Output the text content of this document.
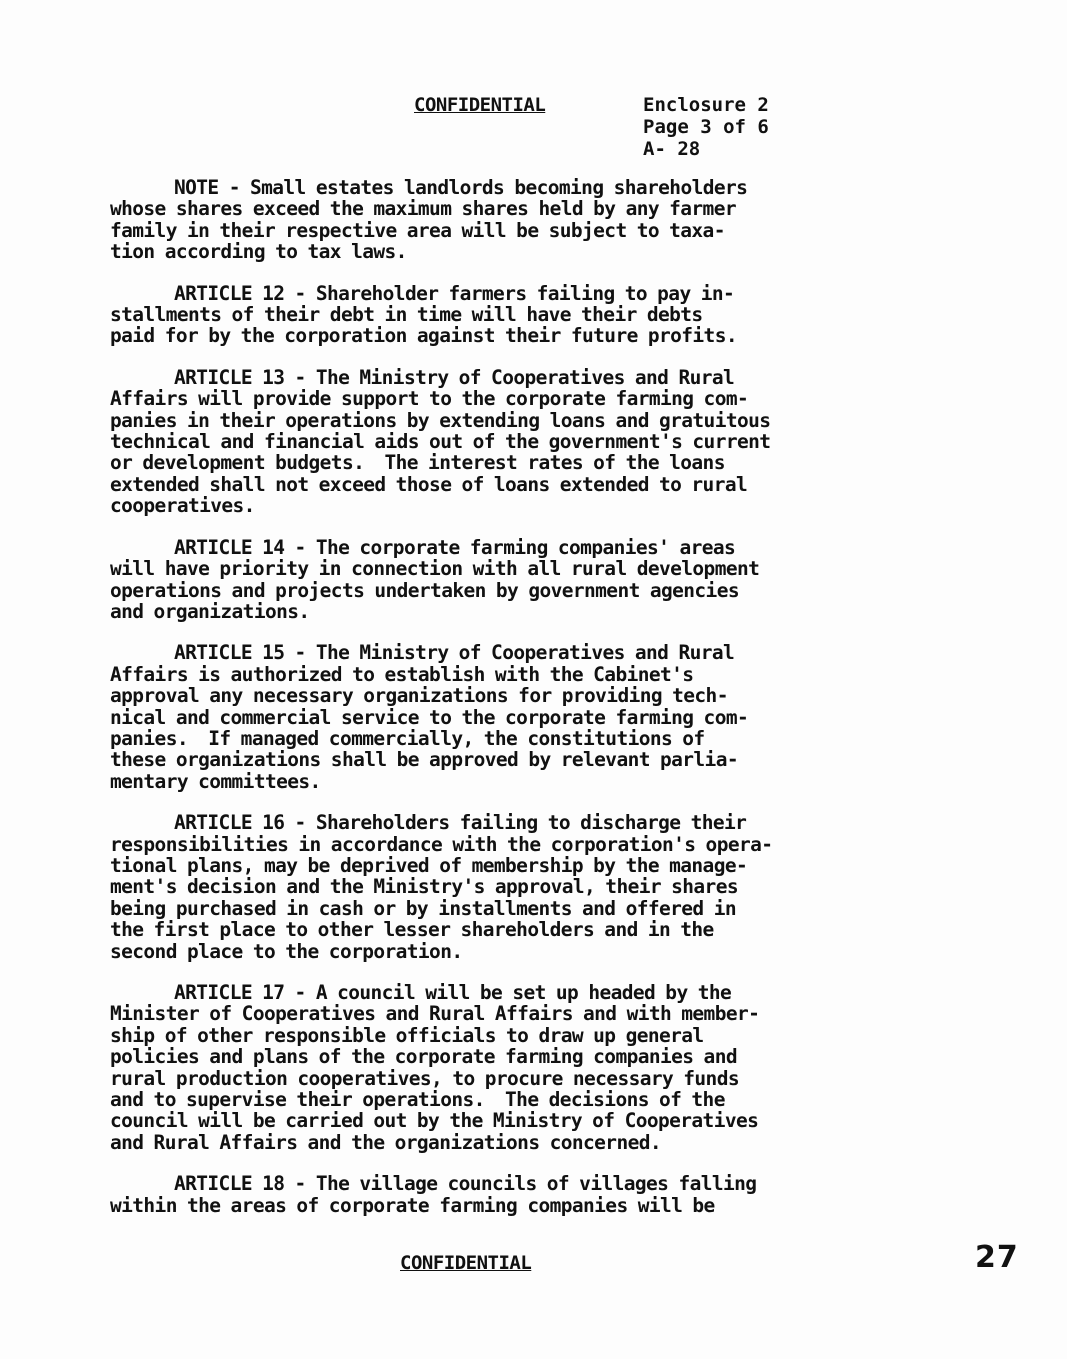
CONFIDENTIAL	Enclosure 2
Page 3 of 6
A- 28
NOTE - Small estates landlords becoming shareholders
whose shares exceed the maximum shares held by any farmer
family in their respective area will be subject to taxa-
tion according to tax laws.
ARTICLE 12 - Shareholder farmers failing to pay in-
stallments of their debt in time will have their debts
paid for by the corporation against their future profits.
ARTICLE 13 - The Ministry of Cooperatives and Rural
Affairs will provide support to the corporate farming com-
panies in their operations by extending loans and gratuitous
technical and financial aids out of the government's current
or development budgets.  The interest rates of the loans
extended shall not exceed those of loans extended to rural
cooperatives.
ARTICLE 14 - The corporate farming companies' areas
will have priority in connection with all rural development
operations and projects undertaken by government agencies
and organizations.
ARTICLE 15 - The Ministry of Cooperatives and Rural
Affairs is authorized to establish with the Cabinet's
approval any necessary organizations for providing tech-
nical and commercial service to the corporate farming com-
panies.  If managed commercially, the constitutions of
these organizations shall be approved by relevant parlia-
mentary committees.
ARTICLE 16 - Shareholders failing to discharge their
responsibilities in accordance with the corporation's opera-
tional plans, may be deprived of membership by the manage-
ment's decision and the Ministry's approval, their shares
being purchased in cash or by installments and offered in
the first place to other lesser shareholders and in the
second place to the corporation.
ARTICLE 17 - A council will be set up headed by the
Minister of Cooperatives and Rural Affairs and with member-
ship of other responsible officials to draw up general
policies and plans of the corporate farming companies and
rural production cooperatives, to procure necessary funds
and to supervise their operations.  The decisions of the
council will be carried out by the Ministry of Cooperatives
and Rural Affairs and the organizations concerned.
ARTICLE 18 - The village councils of villages falling
within the areas of corporate farming companies will be
CONFIDENTIAL	27
